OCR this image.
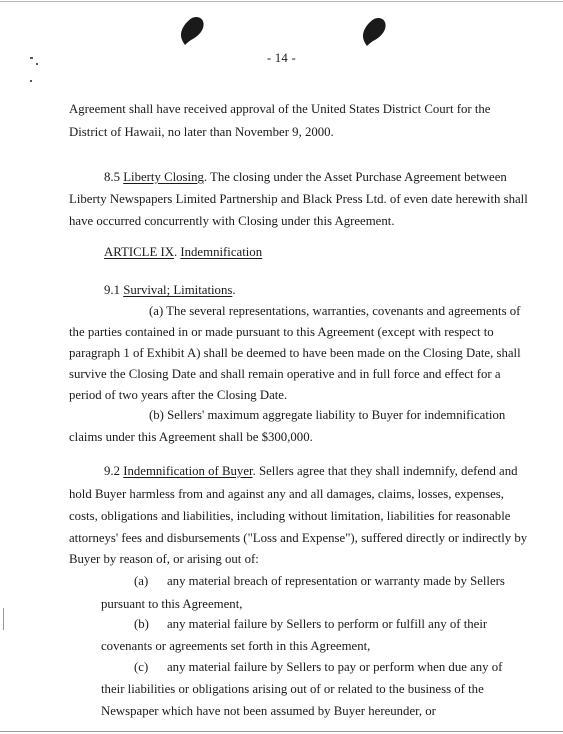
- 14 -
Agreement shall have received approval of the United States District Court for the
District of Hawaii, no later than November 9, 2000.
8.5 Liberty Closing. The closing under the Asset Purchase Agreement between
Liberty Newspapers Limited Partnership and Black Press Ltd. of even date herewith shall
have occurred concurrently with Closing under this Agreement.
ARTICLE IX. Indemnification
9.1 Survival; Limitations.
(a) The several representations, warranties, covenants and agreements of
the parties contained in or made pursuant to this Agreement (except with respect to
paragraph 1 of Exhibit A) shall be deemed to have been made on the Closing Date, shall
survive the Closing Date and shall remain operative and in full force and effect for a
period of two years after the Closing Date.
(b) Sellers' maximum aggregate liability to Buyer for indemnification
claims under this Agreement shall be $300,000.
9.2 Indemnification of Buyer. Sellers agree that they shall indemnify, defend and
hold Buyer harmless from and against any and all damages, claims, losses, expenses,
costs, obligations and liabilities, including without limitation, liabilities for reasonable
attorneys' fees and disbursements ("Loss and Expense"), suffered directly or indirectly by
Buyer by reason of, or arising out of:
(a) any material breach of representation or warranty made by Sellers
pursuant to this Agreement,
(b) any material failure by Sellers to perform or fulfill any of their
covenants or agreements set forth in this Agreement,
(c) any material failure by Sellers to pay or perform when due any of
their liabilities or obligations arising out of or related to the business of the
Newspaper which have not been assumed by Buyer hereunder, or
